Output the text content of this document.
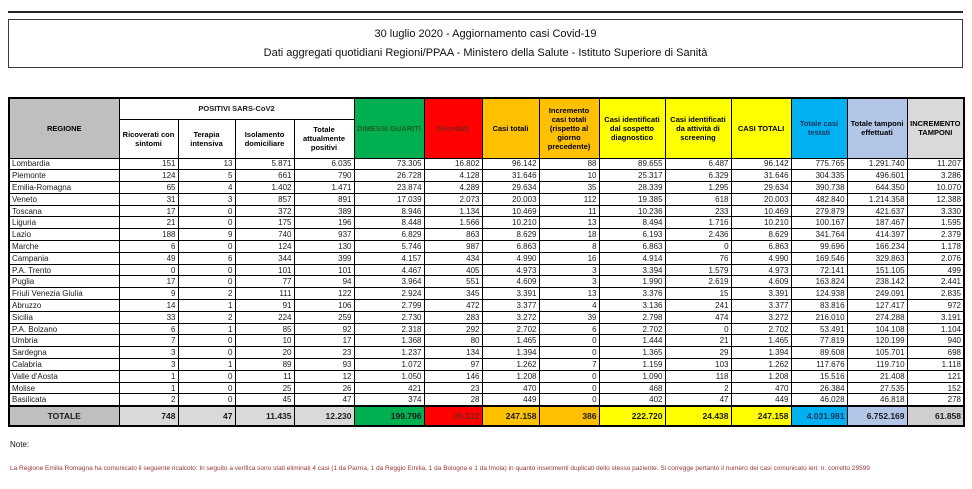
30 luglio 2020 - Aggiornamento casi Covid-19
Dati aggregati quotidiani Regioni/PPAA - Ministero della Salute - Istituto Superiore di Sanità
REGIONE	POSITIVI SARS-CoV2				DIMESSI GUARITI	Deceduti	Casi totali	Incremento casi totali (rispetto al giorno precedente)	Casi identificati dal sospetto diagnostico	Casi identificati da attività di screening	CASI TOTALI	Totale casi testati	Totale tamponi effettuati	INCREMENTO TAMPONI
	Ricoverati con sintomi	Terapia intensiva	Isolamento domiciliare	Totale attualmente positivi										
Lombardia	151	13	5.871	6.035	73.305	16.802	96.142	88	89.655	6.487	96.142	775.765	1.291.740	11.207
Piemonte	124	5	661	790	26.728	4.128	31.646	10	25.317	6.329	31.646	304.335	496.601	3.286
Emilia-Romagna	65	4	1.402	1.471	23.874	4.289	29.634	35	28.339	1.295	29.634	390.738	644.350	10.070
Veneto	31	3	857	891	17.039	2.073	20.003	112	19.385	618	20.003	482.840	1.214.358	12.388
Toscana	17	0	372	389	8.946	1.134	10.469	11	10.236	233	10.469	279.879	421.637	3.330
Liguria	21	0	175	196	8.448	1.566	10.210	13	8.494	1.716	10.210	100.167	187.467	1.595
Lazio	188	9	740	937	6.829	863	8.629	18	6.193	2.436	8.629	341.764	414.397	2.379
Marche	6	0	124	130	5.746	987	6.863	8	6.863	0	6.863	99.696	166.234	1.178
Campania	49	6	344	399	4.157	434	4.990	16	4.914	76	4.990	169.546	329.863	2.076
P.A. Trento	0	0	101	101	4.467	405	4.973	3	3.394	1.579	4.973	72.141	151.105	499
Puglia	17	0	77	94	3.964	551	4.609	3	1.990	2.619	4.609	163.824	238.142	2.441
Friuli Venezia Giulia	9	2	111	122	2.924	345	3.391	13	3.376	15	3.391	124.938	249.091	2.835
Abruzzo	14	1	91	106	2.799	472	3.377	4	3.136	241	3.377	83.816	127.417	972
Sicilia	33	2	224	259	2.730	283	3.272	39	2.798	474	3.272	216.010	274.288	3.191
P.A. Bolzano	6	1	85	92	2.318	292	2.702	6	2.702	0	2.702	53.491	104.108	1.104
Umbria	7	0	10	17	1.368	80	1.465	0	1.444	21	1.465	77.819	120.199	940
Sardegna	3	0	20	23	1.237	134	1.394	0	1.365	29	1.394	89.608	105.701	698
Calabria	3	1	89	93	1.072	97	1.262	7	1.159	103	1.262	117.676	119.710	1.118
Valle d'Aosta	1	0	11	12	1.050	146	1.208	0	1.090	118	1.208	15.516	21.408	121
Molise	1	0	25	26	421	23	470	0	468	2	470	26.384	27.535	152
Basilicata	2	0	45	47	374	28	449	0	402	47	449	46.028	46.818	278
TOTALE	748	47	11.435	12.230	199.796	35.132	247.158	386	222.720	24.438	247.158	4.031.981	6.752.169	61.858
Note:
La Regione Emilia Romagna ha comunicato il seguente ricalcolo: In seguito a verifica sono stati eliminati 4 casi (1 da Parma, 1 da Reggio Emilia, 1 da Bologna e 1 da Imola) in quanto inserimenti duplicati dello stesso paziente. Si corregge pertanto il numero dei casi comunicato ieri: n. corretto 29599
